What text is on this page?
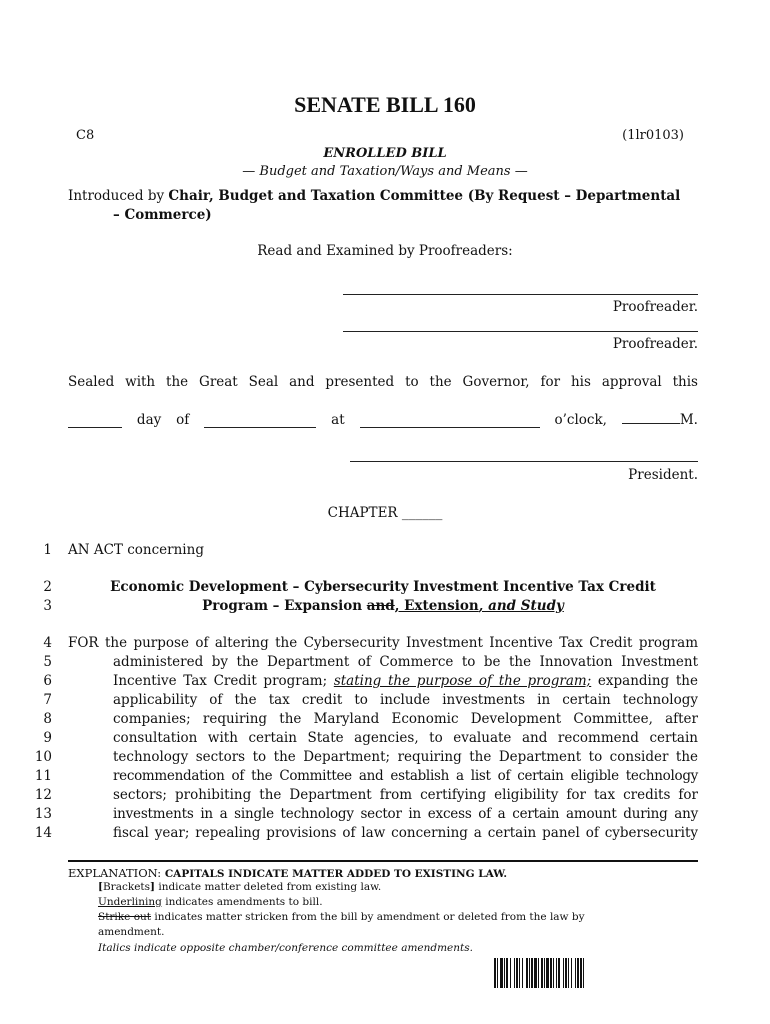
SENATE BILL 160
C8	(1lr0103)
ENROLLED BILL
— Budget and Taxation/Ways and Means —
Introduced by Chair, Budget and Taxation Committee (By Request – Departmental
– Commerce)
Read and Examined by Proofreaders:
Proofreader.
Proofreader.
Sealed with the Great Seal and presented to the Governor, for his approval this
day of	at	o’clock,	M.
President.
CHAPTER ______
1 AN ACT concerning
2	Economic Development – Cybersecurity Investment Incentive Tax Credit
3	Program – Expansion and, Extension, and Study
4 FOR the purpose of altering the Cybersecurity Investment Incentive Tax Credit program
5	administered by the Department of Commerce to be the Innovation Investment
6	Incentive Tax Credit program; stating the purpose of the program; expanding the
7	applicability of the tax credit to include investments in certain technology
8	companies; requiring the Maryland Economic Development Committee, after
9	consultation with certain State agencies, to evaluate and recommend certain
10	technology sectors to the Department; requiring the Department to consider the
11	recommendation of the Committee and establish a list of certain eligible technology
12	sectors; prohibiting the Department from certifying eligibility for tax credits for
13	investments in a single technology sector in excess of a certain amount during any
14	fiscal year; repealing provisions of law concerning a certain panel of cybersecurity
EXPLANATION: CAPITALS INDICATE MATTER ADDED TO EXISTING LAW.
[Brackets] indicate matter deleted from existing law.
Underlining indicates amendments to bill.
Strike out indicates matter stricken from the bill by amendment or deleted from the law by
amendment.
Italics indicate opposite chamber/conference committee amendments.
